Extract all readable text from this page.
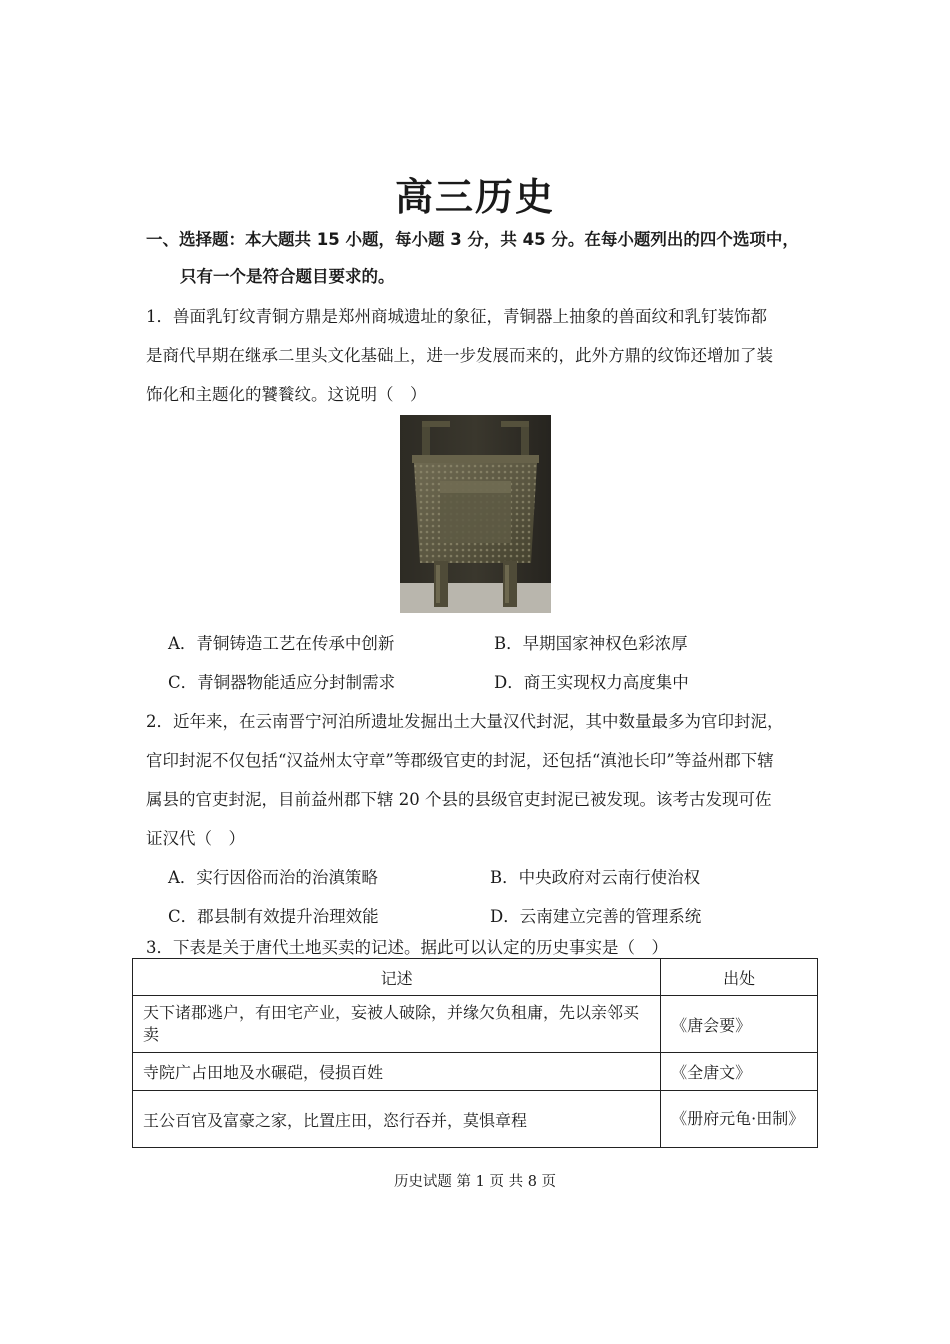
高三历史
一、选择题：本大题共 15 小题，每小题 3 分，共 45 分。在每小题列出的四个选项中，
只有一个是符合题目要求的。
1．兽面乳钉纹青铜方鼎是郑州商城遗址的象征，青铜器上抽象的兽面纹和乳钉装饰都
是商代早期在继承二里头文化基础上，进一步发展而来的，此外方鼎的纹饰还增加了装
饰化和主题化的饕餮纹。这说明（　）
A．青铜铸造工艺在传承中创新	B．早期国家神权色彩浓厚
C．青铜器物能适应分封制需求	D．商王实现权力高度集中
2．近年来，在云南晋宁河泊所遗址发掘出土大量汉代封泥，其中数量最多为官印封泥，
官印封泥不仅包括“汉益州太守章”等郡级官吏的封泥，还包括“滇池长印”等益州郡下辖
属县的官吏封泥，目前益州郡下辖 20 个县的县级官吏封泥已被发现。该考古发现可佐
证汉代（　）
A．实行因俗而治的治滇策略	B．中央政府对云南行使治权
C．郡县制有效提升治理效能	D．云南建立完善的管理系统
3．下表是关于唐代土地买卖的记述。据此可以认定的历史事实是（　）
记述	出处
天下诸郡逃户，有田宅产业，妄被人破除，并缘欠负租庸，先以亲邻买卖	《唐会要》
寺院广占田地及水碾硙，侵损百姓	《全唐文》
王公百官及富豪之家，比置庄田，恣行吞并，莫惧章程	《册府元龟·田制》
历史试题 第 1 页 共 8 页
